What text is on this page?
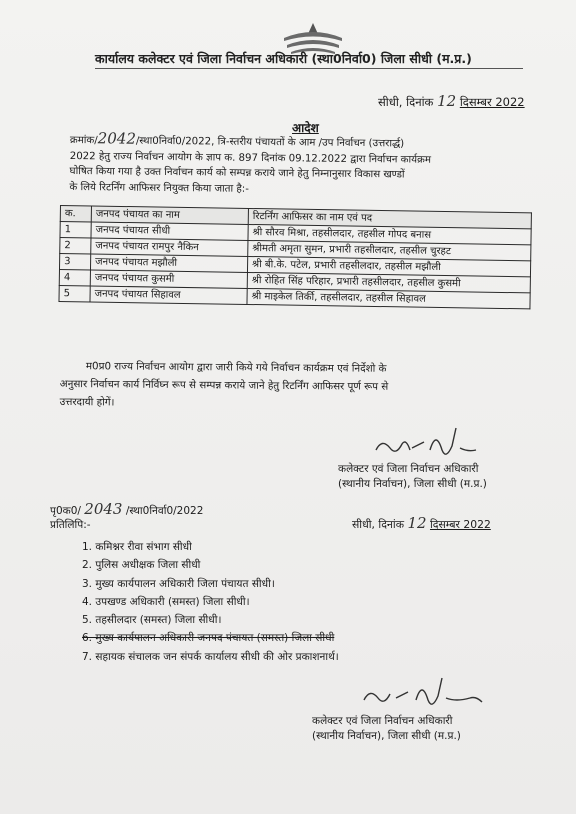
कार्यालय कलेक्टर एवं जिला निर्वाचन अधिकारी (स्था0निर्वा0) जिला सीधी (म.प्र.)
सीधी, दिनांक 12 दिसम्बर 2022
आदेश
क्रमांक/2042/स्था0निर्वा0/2022, त्रि-स्तरीय पंचायतों के आम /उप निर्वाचन (उत्तरार्द्ध)
2022 हेतु राज्य निर्वाचन आयोग के ज्ञाप क. 897 दिनांक 09.12.2022 द्वारा निर्वाचन कार्यक्रम
घोषित किया गया है उक्त निर्वाचन कार्य को सम्पन्न कराये जाने हेतु निम्नानुसार विकास खण्डों
के लिये रिटर्निंग आफिसर नियुक्त किया जाता है:-
क.	जनपद पंचायत का नाम	रिटर्निंग आफिसर का नाम एवं पद
1	जनपद पंचायत सीधी	श्री सौरव मिश्रा, तहसीलदार, तहसील गोपद बनास
2	जनपद पंचायत रामपुर नैकिन	श्रीमती अमृता सुमन, प्रभारी तहसीलदार, तहसील चुरहट
3	जनपद पंचायत मझौली	श्री बी.के. पटेल, प्रभारी तहसीलदार, तहसील मझौली
4	जनपद पंचायत कुसमी	श्री रोहित सिंह परिहार, प्रभारी तहसीलदार, तहसील कुसमी
5	जनपद पंचायत सिहावल	श्री माइकेल तिर्की, तहसीलदार, तहसील सिहावल
म0प्र0 राज्य निर्वाचन आयोग द्वारा जारी किये गये निर्वाचन कार्यक्रम एवं निर्देशो के
अनुसार निर्वाचन कार्य निर्विघ्न रूप से सम्पन्न कराये जाने हेतु रिटर्निंग आफिसर पूर्ण रूप से
उत्तरदायी होगें।
कलेक्टर एवं जिला निर्वाचन अधिकारी
(स्थानीय निर्वाचन), जिला सीधी (म.प्र.)
पृ0क0/ 2043 /स्था0निर्वा0/2022
प्रतिलिपि:-	सीधी, दिनांक 12 दिसम्बर 2022
1. कमिश्नर रीवा संभाग सीधी
2. पुलिस अधीक्षक जिला सीधी
3. मुख्य कार्यपालन अधिकारी जिला पंचायत सीधी।
4. उपखण्ड अधिकारी (समस्त) जिला सीधी।
5. तहसीलदार (समस्त) जिला सीधी।
6. मुख्य कार्यपालन अधिकारी जनपद पंचायत (समस्त) जिला सीधी
7. सहायक संचालक जन संपर्क कार्यालय सीधी की ओर प्रकाशनार्थ।
कलेक्टर एवं जिला निर्वाचन अधिकारी
(स्थानीय निर्वाचन), जिला सीधी (म.प्र.)
